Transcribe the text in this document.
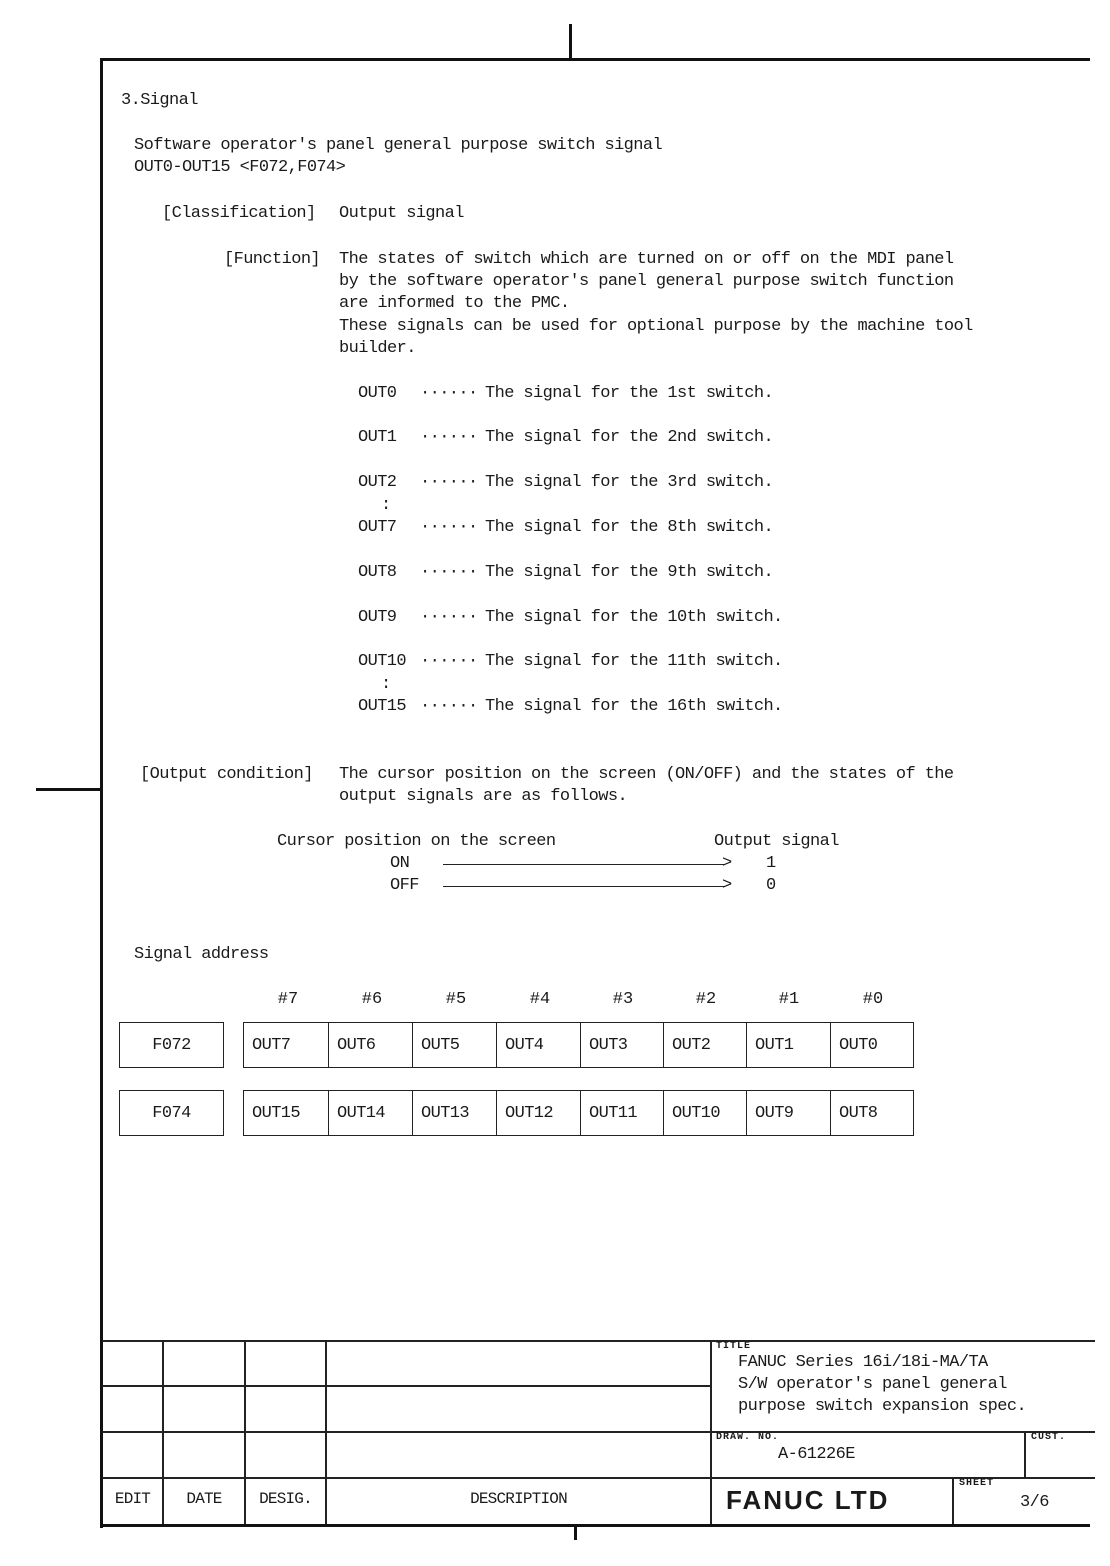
3.Signal
Software operator's panel general purpose switch signal
OUT0-OUT15 <F072,F074>
[Classification] Output signal
[Function] The states of switch which are turned on or off on the MDI panel
by the software operator's panel general purpose switch function
are informed to the PMC.
These signals can be used for optional purpose by the machine tool
builder.
OUT0 ······ The signal for the 1st switch.
OUT1 ······ The signal for the 2nd switch.
OUT2 ······ The signal for the 3rd switch.
:
OUT7 ······ The signal for the 8th switch.
OUT8 ······ The signal for the 9th switch.
OUT9 ······ The signal for the 10th switch.
OUT10 ······ The signal for the 11th switch.
:
OUT15 ······ The signal for the 16th switch.
[Output condition] The cursor position on the screen (ON/OFF) and the states of the
output signals are as follows.
Cursor position on the screen	Output signal
ON	> 1
OFF	> 0
Signal address
#7	#6	#5	#4	#3	#2	#1	#0
F072	OUT7	OUT6	OUT5	OUT4	OUT3	OUT2	OUT1	OUT0
F074	OUT15	OUT14	OUT13	OUT12	OUT11	OUT10	OUT9	OUT8
EDIT	DATE	DESIG.	DESCRIPTION
TITLE
FANUC Series 16i/18i-MA/TA
S/W operator's panel general
purpose switch expansion spec.
DRAW. NO.
A-61226E
CUST.
FANUC LTD
SHEET
3/6
